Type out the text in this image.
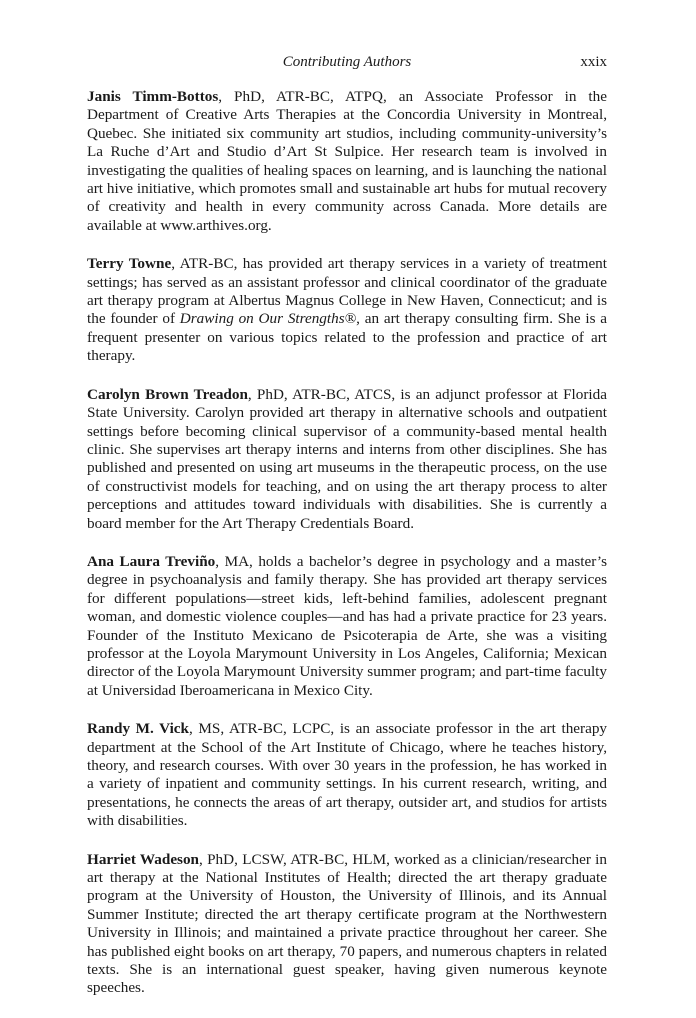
Contributing Authors	xxix

Janis Timm-Bottos, PhD, ATR-BC, ATPQ, an Associate Professor in the Department of Creative Arts Therapies at the Concordia University in Montreal, Quebec. She initiated six community art studios, including community-university’s La Ruche d’Art and Studio d’Art St Sulpice. Her research team is involved in investigating the qualities of healing spaces on learning, and is launching the national art hive initiative, which promotes small and sustainable art hubs for mutual recovery of creativity and health in every community across Canada. More details are available at www.arthives.org.

Terry Towne, ATR-BC, has provided art therapy services in a variety of treatment settings; has served as an assistant professor and clinical coordinator of the graduate art therapy program at Albertus Magnus College in New Haven, Connecticut; and is the founder of Drawing on Our Strengths®, an art therapy consulting firm. She is a frequent presenter on various topics related to the profession and practice of art therapy.

Carolyn Brown Treadon, PhD, ATR-BC, ATCS, is an adjunct professor at Florida State University. Carolyn provided art therapy in alternative schools and outpatient settings before becoming clinical supervisor of a community-based mental health clinic. She supervises art therapy interns and interns from other disciplines. She has published and presented on using art museums in the therapeutic process, on the use of constructivist models for teaching, and on using the art therapy process to alter perceptions and attitudes toward individuals with disabilities. She is currently a board member for the Art Therapy Credentials Board.

Ana Laura Treviño, MA, holds a bachelor’s degree in psychology and a master’s degree in psychoanalysis and family therapy. She has provided art therapy services for different populations—street kids, left-behind families, adolescent pregnant woman, and domestic violence couples—and has had a private practice for 23 years. Founder of the Instituto Mexicano de Psicoterapia de Arte, she was a visiting professor at the Loyola Marymount University in Los Angeles, California; Mexican director of the Loyola Marymount University summer program; and part-time faculty at Universidad Iberoamericana in Mexico City.

Randy M. Vick, MS, ATR-BC, LCPC, is an associate professor in the art therapy department at the School of the Art Institute of Chicago, where he teaches history, theory, and research courses. With over 30 years in the profession, he has worked in a variety of inpatient and community settings. In his current research, writing, and presentations, he connects the areas of art therapy, outsider art, and studios for artists with disabilities.

Harriet Wadeson, PhD, LCSW, ATR-BC, HLM, worked as a clinician/researcher in art therapy at the National Institutes of Health; directed the art therapy graduate program at the University of Houston, the University of Illinois, and its Annual Summer Institute; directed the art therapy certificate program at the Northwestern University in Illinois; and maintained a private practice throughout her career. She has published eight books on art therapy, 70 papers, and numerous chapters in related texts. She is an international guest speaker, having given numerous keynote speeches.
